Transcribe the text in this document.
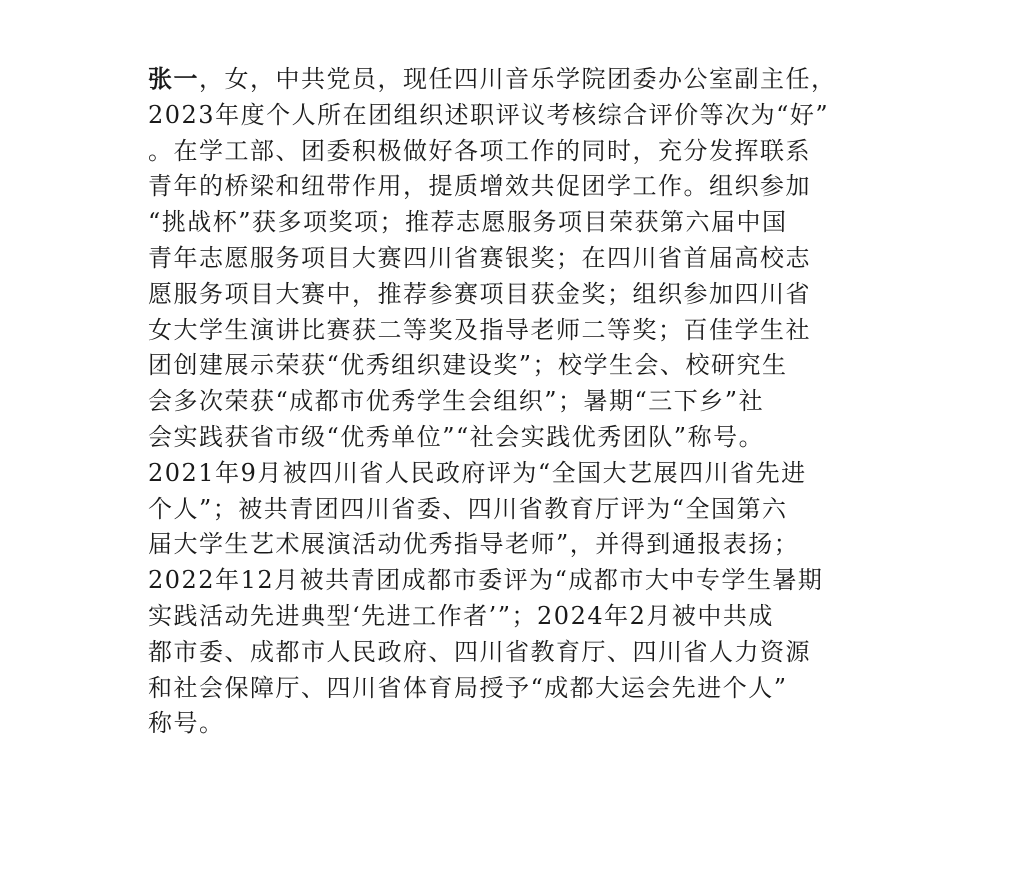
张一，女，中共党员，现任四川音乐学院团委办公室副主任，
2023年度个人所在团组织述职评议考核综合评价等次为“好”
。在学工部、团委积极做好各项工作的同时，充分发挥联系
青年的桥梁和纽带作用，提质增效共促团学工作。组织参加
“挑战杯”获多项奖项；推荐志愿服务项目荣获第六届中国
青年志愿服务项目大赛四川省赛银奖；在四川省首届高校志
愿服务项目大赛中，推荐参赛项目获金奖；组织参加四川省
女大学生演讲比赛获二等奖及指导老师二等奖；百佳学生社
团创建展示荣获“优秀组织建设奖”；校学生会、校研究生
会多次荣获“成都市优秀学生会组织”；暑期“三下乡”社
会实践获省市级“优秀单位”“社会实践优秀团队”称号。
2021年9月被四川省人民政府评为“全国大艺展四川省先进
个人”；被共青团四川省委、四川省教育厅评为“全国第六
届大学生艺术展演活动优秀指导老师”，并得到通报表扬；
2022年12月被共青团成都市委评为“成都市大中专学生暑期
实践活动先进典型‘先进工作者’”；2024年2月被中共成
都市委、成都市人民政府、四川省教育厅、四川省人力资源
和社会保障厅、四川省体育局授予“成都大运会先进个人”
称号。
